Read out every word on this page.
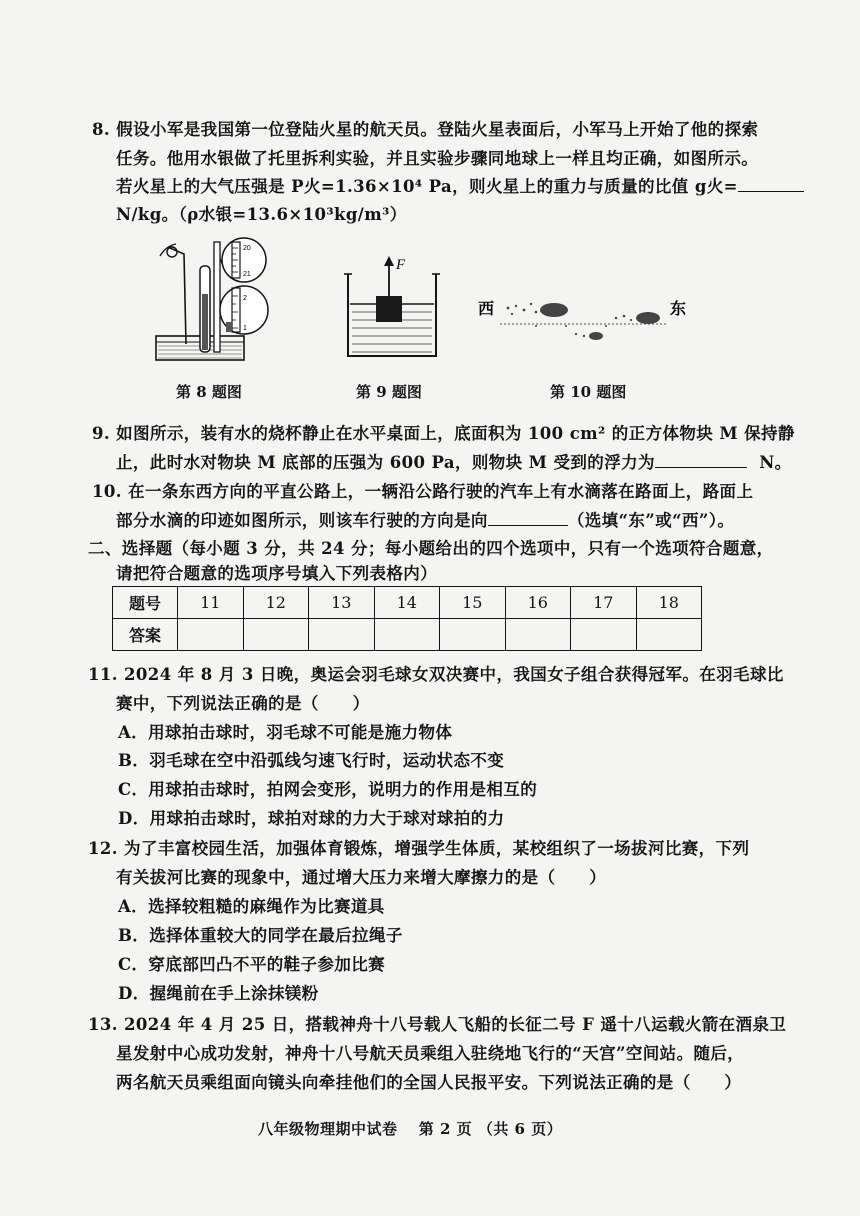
8. 假设小军是我国第一位登陆火星的航天员。登陆火星表面后，小军马上开始了他的探索
任务。他用水银做了托里拆利实验，并且实验步骤同地球上一样且均正确，如图所示。
若火星上的大气压强是 P火=1.36×10⁴ Pa，则火星上的重力与质量的比值 g火=
N/kg。（ρ水银=13.6×10³kg/m³）
20
21
2
1
F
西	东
第 8 题图	第 9 题图	第 10 题图
9. 如图所示，装有水的烧杯静止在水平桌面上，底面积为 100 cm² 的正方体物块 M 保持静
止，此时水对物块 M 底部的压强为 600 Pa，则物块 M 受到的浮力为	N。
10. 在一条东西方向的平直公路上，一辆沿公路行驶的汽车上有水滴落在路面上，路面上
部分水滴的印迹如图所示，则该车行驶的方向是向	（选填“东”或“西”）。
二、选择题（每小题 3 分，共 24 分；每小题给出的四个选项中，只有一个选项符合题意，
请把符合题意的选项序号填入下列表格内）
题号	11	12	13	14	15	16	17	18
答案								
11. 2024 年 8 月 3 日晚，奥运会羽毛球女双决赛中，我国女子组合获得冠军。在羽毛球比
赛中，下列说法正确的是（　　）
A．用球拍击球时，羽毛球不可能是施力物体
B．羽毛球在空中沿弧线匀速飞行时，运动状态不变
C．用球拍击球时，拍网会变形，说明力的作用是相互的
D．用球拍击球时，球拍对球的力大于球对球拍的力
12. 为了丰富校园生活，加强体育锻炼，增强学生体质，某校组织了一场拔河比赛，下列
有关拔河比赛的现象中，通过增大压力来增大摩擦力的是（　　）
A．选择较粗糙的麻绳作为比赛道具
B．选择体重较大的同学在最后拉绳子
C．穿底部凹凸不平的鞋子参加比赛
D．握绳前在手上涂抹镁粉
13. 2024 年 4 月 25 日，搭载神舟十八号载人飞船的长征二号 F 遥十八运载火箭在酒泉卫
星发射中心成功发射，神舟十八号航天员乘组入驻绕地飞行的“天宫”空间站。随后，
两名航天员乘组面向镜头向牵挂他们的全国人民报平安。下列说法正确的是（　　）
八年级物理期中试卷　 第 2 页 （共 6 页）
